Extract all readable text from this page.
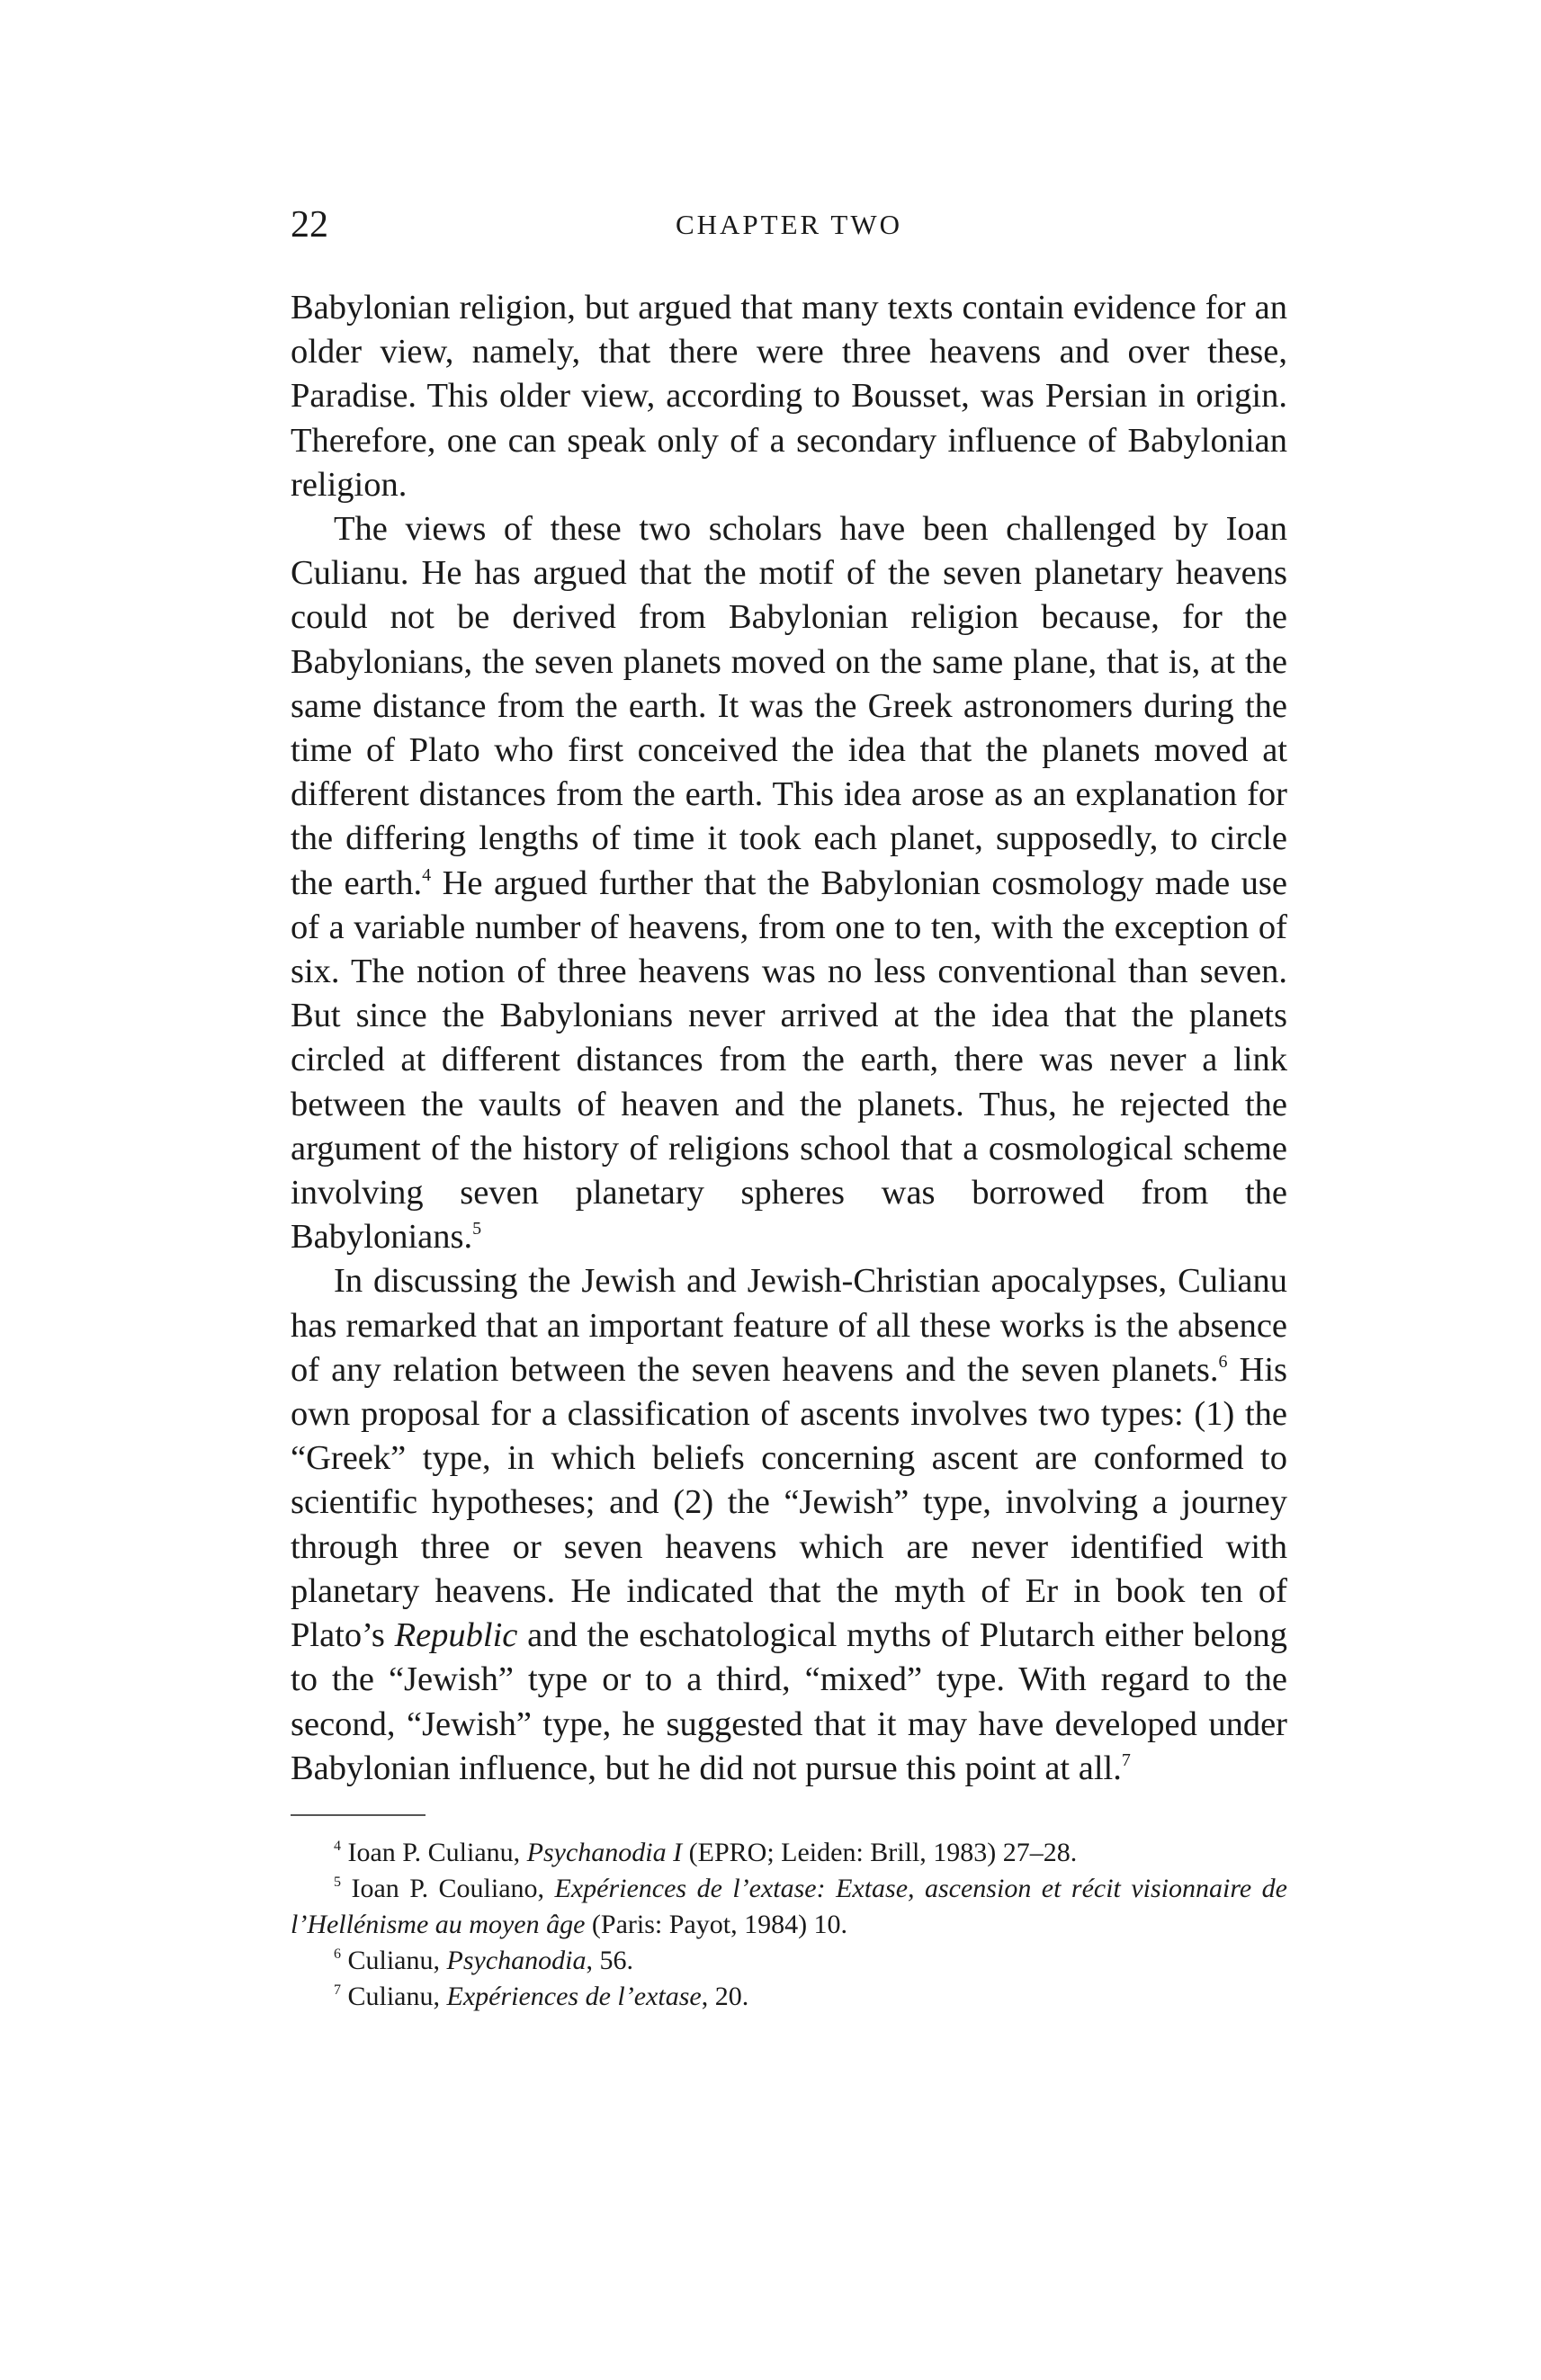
22	CHAPTER TWO

Babylonian religion, but argued that many texts contain evidence for an older view, namely, that there were three heavens and over these, Paradise. This older view, according to Bousset, was Persian in origin. Therefore, one can speak only of a secondary influence of Babylonian religion.

The views of these two scholars have been challenged by Ioan Culianu. He has argued that the motif of the seven planetary heavens could not be derived from Babylonian religion because, for the Babylonians, the seven planets moved on the same plane, that is, at the same distance from the earth. It was the Greek astronomers during the time of Plato who first conceived the idea that the planets moved at different distances from the earth. This idea arose as an explanation for the differing lengths of time it took each planet, supposedly, to circle the earth.$^4$ He argued further that the Babylonian cosmology made use of a variable number of heavens, from one to ten, with the exception of six. The notion of three heavens was no less conventional than seven. But since the Babylonians never arrived at the idea that the planets circled at different distances from the earth, there was never a link between the vaults of heaven and the planets. Thus, he rejected the argument of the history of religions school that a cosmological scheme involving seven planetary spheres was borrowed from the Babylonians.$^5$

In discussing the Jewish and Jewish-Christian apocalypses, Culianu has remarked that an important feature of all these works is the absence of any relation between the seven heavens and the seven planets.$^6$ His own proposal for a classification of ascents involves two types: (1) the “Greek” type, in which beliefs concerning ascent are conformed to scientific hypotheses; and (2) the “Jewish” type, involving a journey through three or seven heavens which are never identified with planetary heavens. He indicated that the myth of Er in book ten of Plato’s Republic and the eschatological myths of Plutarch either belong to the “Jewish” type or to a third, “mixed” type. With regard to the second, “Jewish” type, he suggested that it may have developed under Babylonian influence, but he did not pursue this point at all.$^7$

$^4$ Ioan P. Culianu, Psychanodia I (EPRO; Leiden: Brill, 1983) 27–28.

$^5$ Ioan P. Couliano, Expériences de l’extase: Extase, ascension et récit visionnaire de l’Hellénisme au moyen âge (Paris: Payot, 1984) 10.

$^6$ Culianu, Psychanodia, 56.

$^7$ Culianu, Expériences de l’extase, 20.
